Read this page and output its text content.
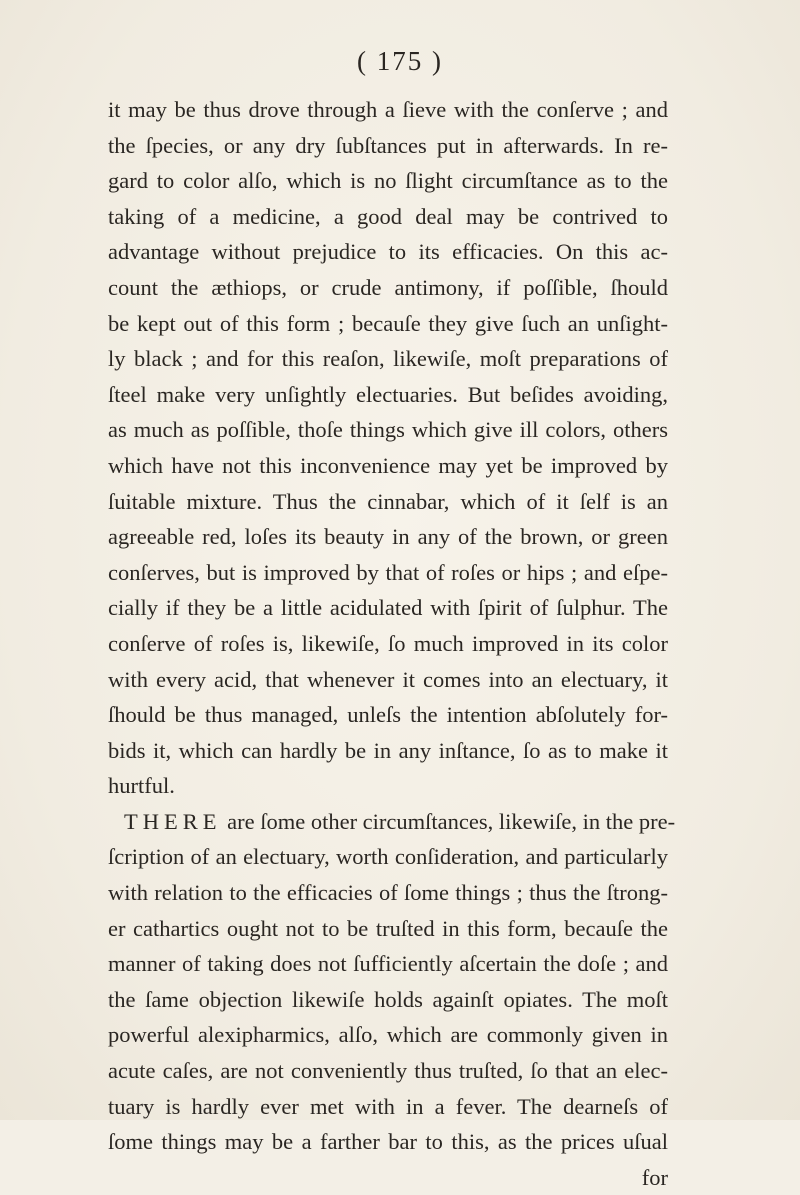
( 175 )
it may be thus drove through a ſieve with the conſerve ; and
the ſpecies, or any dry ſubſtances put in afterwards. In re-
gard to color alſo, which is no ſlight circumſtance as to the
taking of a medicine, a good deal may be contrived to
advantage without prejudice to its efficacies. On this ac-
count the æthiops, or crude antimony, if poſſible, ſhould
be kept out of this form ; becauſe they give ſuch an unſight-
ly black ; and for this reaſon, likewiſe, moſt preparations of
ſteel make very unſightly electuaries. But beſides avoiding,
as much as poſſible, thoſe things which give ill colors, others
which have not this inconvenience may yet be improved by
ſuitable mixture. Thus the cinnabar, which of it ſelf is an
agreeable red, loſes its beauty in any of the brown, or green
conſerves, but is improved by that of roſes or hips ; and eſpe-
cially if they be a little acidulated with ſpirit of ſulphur. The
conſerve of roſes is, likewiſe, ſo much improved in its color
with every acid, that whenever it comes into an electuary, it
ſhould be thus managed, unleſs the intention abſolutely for-
bids it, which can hardly be in any inſtance, ſo as to make it
hurtful.
THERE are ſome other circumſtances, likewiſe, in the pre-
ſcription of an electuary, worth conſideration, and particularly
with relation to the efficacies of ſome things ; thus the ſtrong-
er cathartics ought not to be truſted in this form, becauſe the
manner of taking does not ſufficiently aſcertain the doſe ; and
the ſame objection likewiſe holds againſt opiates. The moſt
powerful alexipharmics, alſo, which are commonly given in
acute caſes, are not conveniently thus truſted, ſo that an elec-
tuary is hardly ever met with in a fever. The dearneſs of
ſome things may be a farther bar to this, as the prices uſual
for
